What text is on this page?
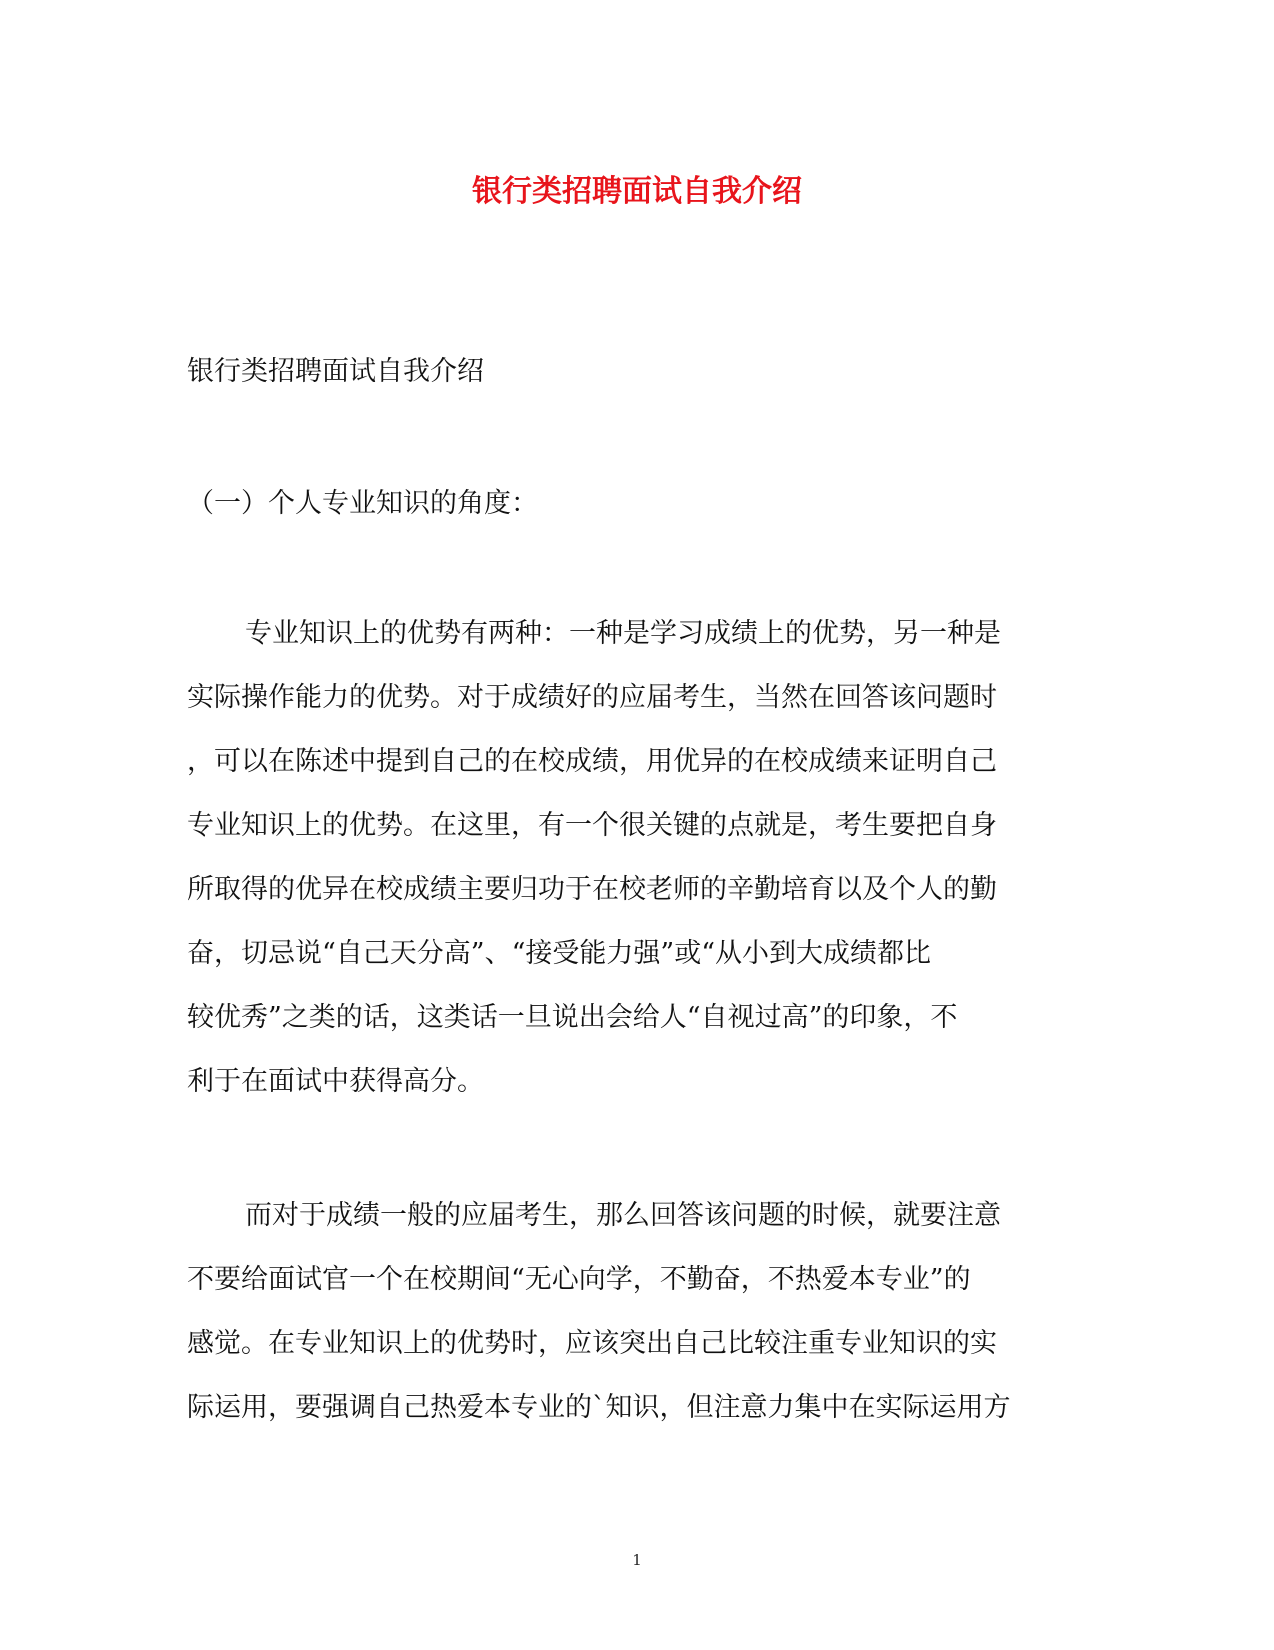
银行类招聘面试自我介绍

银行类招聘面试自我介绍

（一）个人专业知识的角度：

专业知识上的优势有两种：一种是学习成绩上的优势，另一种是
实际操作能力的优势。对于成绩好的应届考生，当然在回答该问题时
，可以在陈述中提到自己的在校成绩，用优异的在校成绩来证明自己
专业知识上的优势。在这里，有一个很关键的点就是，考生要把自身
所取得的优异在校成绩主要归功于在校老师的辛勤培育以及个人的勤
奋，切忌说“自己天分高”、“接受能力强”或“从小到大成绩都比
较优秀”之类的话，这类话一旦说出会给人“自视过高”的印象，不
利于在面试中获得高分。
而对于成绩一般的应届考生，那么回答该问题的时候，就要注意
不要给面试官一个在校期间“无心向学，不勤奋，不热爱本专业”的
感觉。在专业知识上的优势时，应该突出自己比较注重专业知识的实
际运用，要强调自己热爱本专业的`知识，但注意力集中在实际运用方

1
